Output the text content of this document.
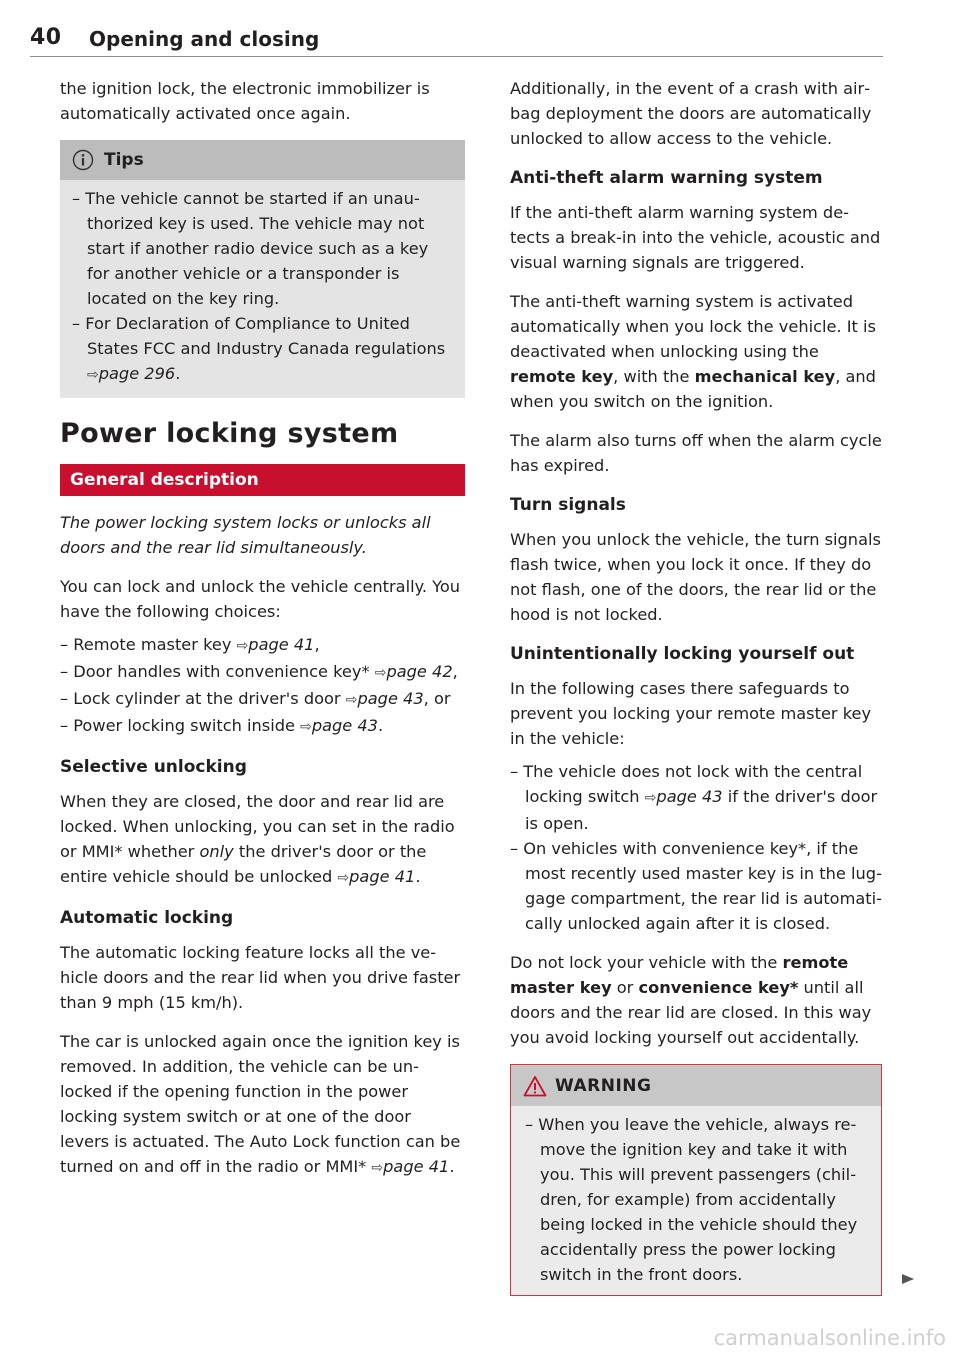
40 Opening and closing

the ignition lock, the electronic immobilizer is automatically activated once again.

Tips
– The vehicle cannot be started if an unauthorized key is used. The vehicle may not start if another radio device such as a key for another vehicle or a transponder is located on the key ring.
– For Declaration of Compliance to United States FCC and Industry Canada regulations ⇨page 296.
Power locking system
General description

The power locking system locks or unlocks all doors and the rear lid simultaneously.

You can lock and unlock the vehicle centrally. You have the following choices:

– Remote master key ⇨page 41,
– Door handles with convenience key* ⇨page 42,
– Lock cylinder at the driver's door ⇨page 43, or
– Power locking switch inside ⇨page 43.
Selective unlocking

When they are closed, the door and rear lid are locked. When unlocking, you can set in the radio or MMI* whether only the driver's door or the entire vehicle should be unlocked ⇨page 41.

Automatic locking

The automatic locking feature locks all the vehicle doors and the rear lid when you drive faster than 9 mph (15 km/h).

The car is unlocked again once the ignition key is removed. In addition, the vehicle can be unlocked if the opening function in the power locking system switch or at one of the door levers is actuated. The Auto Lock function can be turned on and off in the radio or MMI* ⇨page 41.

Additionally, in the event of a crash with airbag deployment the doors are automatically unlocked to allow access to the vehicle.

Anti-theft alarm warning system

If the anti-theft alarm warning system detects a break-in into the vehicle, acoustic and visual warning signals are triggered.

The anti-theft warning system is activated automatically when you lock the vehicle. It is deactivated when unlocking using the remote key, with the mechanical key, and when you switch on the ignition.

The alarm also turns off when the alarm cycle has expired.

Turn signals

When you unlock the vehicle, the turn signals flash twice, when you lock it once. If they do not flash, one of the doors, the rear lid or the hood is not locked.

Unintentionally locking yourself out

In the following cases there safeguards to prevent you locking your remote master key in the vehicle:

– The vehicle does not lock with the central locking switch ⇨page 43 if the driver's door is open.
– On vehicles with convenience key*, if the most recently used master key is in the luggage compartment, the rear lid is automatically unlocked again after it is closed.

Do not lock your vehicle with the remote master key or convenience key* until all doors and the rear lid are closed. In this way you avoid locking yourself out accidentally.

WARNING
– When you leave the vehicle, always remove the ignition key and take it with you. This will prevent passengers (children, for example) from accidentally being locked in the vehicle should they accidentally press the power locking switch in the front doors.
carmanualsonline.info
